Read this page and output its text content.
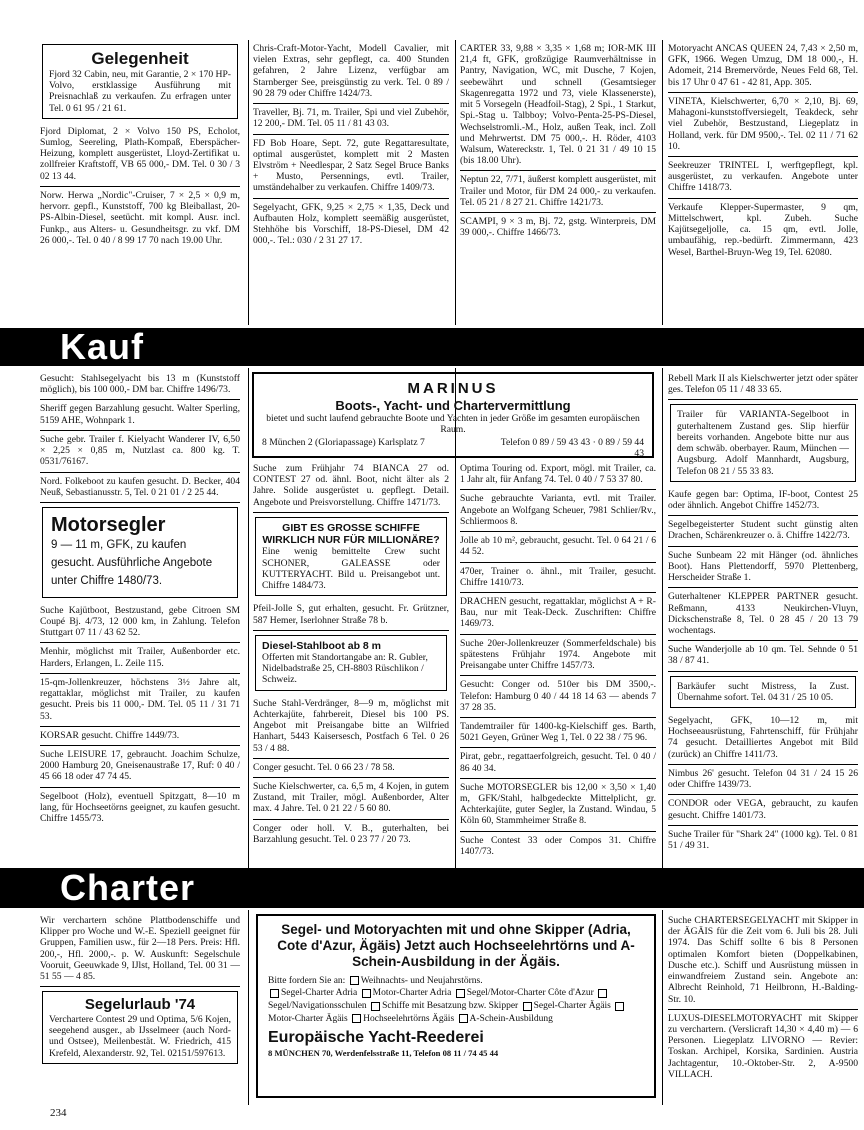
Gelegenheit
Fjord 32 Cabin, neu, mit Garantie, 2 × 170 HP-Volvo, erstklassige Ausführung mit Preisnachlaß zu verkaufen. Zu erfragen unter Tel. 0 61 95 / 21 61.
Fjord Diplomat, 2 × Volvo 150 PS, Echolot, Sumlog, Seereling, Plath-Kompaß, Eberspächer-Heizung, komplett ausgerüstet, Lloyd-Zertifikat u. zollfreier Kraftstoff, VB 65 000,- DM. Tel. 0 30 / 3 02 13 44.
Norw. Herwa „Nordic"-Cruiser, 7 × 2,5 × 0,9 m, hervorr. gepfl., Kunststoff, 700 kg Bleiballast, 20-PS-Albin-Diesel, seetücht. mit kompl. Ausr. incl. Funkp., aus Alters- u. Gesundheitsgr. zu vkf. DM 26 000,-. Tel. 0 40 / 8 99 17 70 nach 19.00 Uhr.
Chris-Craft-Motor-Yacht, Modell Cavalier, mit vielen Extras, sehr gepflegt, ca. 400 Stunden gefahren, 2 Jahre Lizenz, verfügbar am Starnberger See, preisgünstig zu verk. Tel. 0 89 / 90 28 79 oder Chiffre 1424/73.
Traveller, Bj. 71, m. Trailer, Spi und viel Zubehör, 12 200,- DM. Tel. 05 11 / 81 43 03.
FD Bob Hoare, Sept. 72, gute Regattaresultate, optimal ausgerüstet, komplett mit 2 Masten Elvström + Needlespar, 2 Satz Segel Bruce Banks + Musto, Persennings, evtl. Trailer, umständehalber zu verkaufen. Chiffre 1409/73.
Segelyacht, GFK, 9,25 × 2,75 × 1,35, Deck und Aufbauten Holz, komplett seemäßig ausgerüstet, Stehhöhe bis Vorschiff, 18-PS-Diesel, DM 42 000,-. Tel.: 030 / 2 31 27 17.
CARTER 33, 9,88 × 3,35 × 1,68 m; IOR-MK III 21,4 ft, GFK, großzügige Raumverhältnisse in Pantry, Navigation, WC, mit Dusche, 7 Kojen, seebewährt und schnell (Gesamtsieger Skagenregatta 1972 und 73, viele Klassenerste), mit 5 Vorsegeln (Headfoil-Stag), 2 Spi., 1 Starkut, Spi.-Stag u. Talbboy; Volvo-Penta-25-PS-Diesel, Wechselstromli.-M., Holz, außen Teak, incl. Zoll und Mehrwertst. DM 75 000,-. H. Röder, 4103 Walsum, Watereckstr. 1, Tel. 0 21 31 / 49 10 15 (bis 18.00 Uhr).
Neptun 22, 7/71, äußerst komplett ausgerüstet, mit Trailer und Motor, für DM 24 000,- zu verkaufen. Tel. 05 21 / 8 27 21. Chiffre 1421/73.
SCAMPI, 9 × 3 m, Bj. 72, gstg. Winterpreis, DM 39 000,-. Chiffre 1466/73.
Motoryacht ANCAS QUEEN 24, 7,43 × 2,50 m, GFK, 1966. Wegen Umzug, DM 18 000,-, H. Adomeit, 214 Bremervörde, Neues Feld 68, Tel. bis 17 Uhr 0 47 61 - 42 81, App. 305.
VINETA, Kielschwerter, 6,70 × 2,10, Bj. 69, Mahagoni-kunststoffversiegelt, Teakdeck, sehr viel Zubehör, Bestzustand, Liegeplatz in Holland, verk. für DM 9500,-. Tel. 02 11 / 71 62 10.
Seekreuzer TRINTEL I, werftgepflegt, kpl. ausgerüstet, zu verkaufen. Angebote unter Chiffre 1418/73.
Verkaufe Klepper-Supermaster, 9 qm, Mittelschwert, kpl. Zubeh. Suche Kajütsegeljolle, ca. 15 qm, evtl. Jolle, umbaufähig, rep.-bedürft. Zimmermann, 423 Wesel, Barthel-Bruyn-Weg 19, Tel. 62080.
Kauf
Gesucht: Stahlsegelyacht bis 13 m (Kunststoff möglich), bis 100 000,- DM bar. Chiffre 1496/73.
Sheriff gegen Barzahlung gesucht. Walter Sperling, 5159 AHE, Wohnpark 1.
Suche gebr. Trailer f. Kielyacht Wanderer IV, 6,50 × 2,25 × 0,85 m, Nutzlast ca. 800 kg. T. 0531/76167.
Nord. Folkeboot zu kaufen gesucht. D. Becker, 404 Neuß, Sebastianusstr. 5, Tel. 0 21 01 / 2 25 44.
Motorsegler
9 — 11 m, GFK, zu kaufen gesucht. Ausführliche Angebote unter Chiffre 1480/73.
Suche Kajütboot, Bestzustand, gebe Citroen SM Coupé Bj. 4/73, 12 000 km, in Zahlung. Telefon Stuttgart 07 11 / 43 62 52.
Menhir, möglichst mit Trailer, Außenborder etc. Harders, Erlangen, L. Zeile 115.
15-qm-Jollenkreuzer, höchstens 3½ Jahre alt, regattaklar, möglichst mit Trailer, zu kaufen gesucht. Preis bis 11 000,- DM. Tel. 05 11 / 31 71 53.
KORSAR gesucht. Chiffre 1449/73.
Suche LEISURE 17, gebraucht. Joachim Schulze, 2000 Hamburg 20, Gneisenaustraße 17, Ruf: 0 40 / 45 66 18 oder 47 74 45.
Segelboot (Holz), eventuell Spitzgatt, 8—10 m lang, für Hochseetörns geeignet, zu kaufen gesucht. Chiffre 1455/73.
MARINUS
Boots-, Yacht- und Chartervermittlung
bietet und sucht laufend gebrauchte Boote und Yachten in jeder Größe im gesamten europäischen Raum.
8 München 2 (Gloriapassage) Karlsplatz 7	Telefon 0 89 / 59 43 43 · 0 89 / 59 44 43
Suche zum Frühjahr 74 BIANCA 27 od. CONTEST 27 od. ähnl. Boot, nicht älter als 2 Jahre. Solide ausgerüstet u. gepflegt. Detail. Angebote und Preisvorstellung. Chiffre 1471/73.
GIBT ES GROSSE SCHIFFE WIRKLICH NUR FÜR MILLIONÄRE?
Eine wenig bemittelte Crew sucht SCHONER, GALEASSE oder KUTTERYACHT. Bild u. Preisangebot unt. Chiffre 1484/73.
Pfeil-Jolle S, gut erhalten, gesucht. Fr. Grützner, 587 Hemer, Iserlohner Straße 78 b.
Diesel-Stahlboot ab 8 m
Offerten mit Standortangabe an: R. Gubler, Nidelbadstraße 25, CH-8803 Rüschlikon / Schweiz.
Suche Stahl-Verdränger, 8—9 m, möglichst mit Achterkajüte, fahrbereit, Diesel bis 100 PS. Angebot mit Preisangabe bitte an Wilfried Hanhart, 5443 Kaisersesch, Postfach 6 Tel. 0 26 53 / 4 88.
Conger gesucht. Tel. 0 66 23 / 78 58.
Suche Kielschwerter, ca. 6,5 m, 4 Kojen, in gutem Zustand, mit Trailer, mögl. Außenborder, Alter max. 4 Jahre. Tel. 0 21 22 / 5 60 80.
Conger oder holl. V. B., guterhalten, bei Barzahlung gesucht. Tel. 0 23 77 / 20 73.
Optima Touring od. Export, mögl. mit Trailer, ca. 1 Jahr alt, für Anfang 74. Tel. 0 40 / 7 53 37 80.
Suche gebrauchte Varianta, evtl. mit Trailer. Angebote an Wolfgang Scheuer, 7981 Schlier/Rv., Schliermoos 8.
Jolle ab 10 m², gebraucht, gesucht. Tel. 0 64 21 / 6 44 52.
470er, Trainer o. ähnl., mit Trailer, gesucht. Chiffre 1410/73.
DRACHEN gesucht, regattaklar, möglichst A + R-Bau, nur mit Teak-Deck. Zuschriften: Chiffre 1469/73.
Suche 20er-Jollenkreuzer (Sommerfeldschale) bis spätestens Frühjahr 1974. Angebote mit Preisangabe unter Chiffre 1457/73.
Gesucht: Conger od. 510er bis DM 3500,-. Telefon: Hamburg 0 40 / 44 18 14 63 — abends 7 37 28 35.
Tandemtrailer für 1400-kg-Kielschiff ges. Barth, 5021 Geyen, Grüner Weg 1, Tel. 0 22 38 / 75 96.
Pirat, gebr., regattaerfolgreich, gesucht. Tel. 0 40 / 86 40 34.
Suche MOTORSEGLER bis 12,00 × 3,50 × 1,40 m, GFK/Stahl, halbgedeckte Mittelplicht, gr. Achterkajüte, guter Segler, la Zustand. Windau, 5 Köln 60, Stammheimer Straße 8.
Suche Contest 33 oder Compos 31. Chiffre 1407/73.
Rebell Mark II als Kielschwerter jetzt oder später ges. Telefon 05 11 / 48 33 65.
Trailer für VARIANTA-Segelboot in guterhaltenem Zustand ges. Slip hierfür bereits vorhanden. Angebote bitte nur aus dem schwäb. oberbayer. Raum, München — Augsburg. Adolf Mannhardt, Augsburg, Telefon 08 21 / 55 33 83.
Kaufe gegen bar: Optima, IF-boot, Contest 25 oder ähnlich. Angebot Chiffre 1452/73.
Segelbegeisterter Student sucht günstig alten Drachen, Schärenkreuzer o. ä. Chiffre 1422/73.
Suche Sunbeam 22 mit Hänger (od. ähnliches Boot). Hans Plettendorff, 5970 Plettenberg, Herscheider Straße 1.
Guterhaltener KLEPPER PARTNER gesucht. Reßmann, 4133 Neukirchen-Vluyn, Dickschenstraße 8, Tel. 0 28 45 / 20 13 79 wochentags.
Suche Wanderjolle ab 10 qm. Tel. Sehnde 0 51 38 / 87 41.
Barkäufer sucht Mistress, Ia Zust. Übernahme sofort. Tel. 04 31 / 25 10 05.
Segelyacht, GFK, 10—12 m, mit Hochseeausrüstung, Fahrtenschiff, für Frühjahr 74 gesucht. Detailliertes Angebot mit Bild (zurück) an Chiffre 1411/73.
Nimbus 26' gesucht. Telefon 04 31 / 24 15 26 oder Chiffre 1439/73.
CONDOR oder VEGA, gebraucht, zu kaufen gesucht. Chiffre 1401/73.
Suche Trailer für "Shark 24" (1000 kg). Tel. 0 81 51 / 49 31.
Charter
Wir verchartern schöne Plattbodenschiffe und Klipper pro Woche und W.-E. Speziell geeignet für Gruppen, Familien usw., für 2—18 Pers. Preis: Hfl. 200,-, Hfl. 2000,-. p. W. Auskunft: Segelschule Vooruit, Geeuwkade 9, IJlst, Holland, Tel. 00 31 — 51 55 — 4 85.
Segelurlaub '74
Verchartere Contest 29 und Optima, 5/6 Kojen, seegehend ausger., ab IJsselmeer (auch Nord- und Ostsee), Meilenbestät. W. Friedrich, 415 Krefeld, Alexanderstr. 92, Tel. 02151/597613.
Segel- und Motoryachten mit und ohne Skipper (Adria, Cote d'Azur, Ägäis) Jetzt auch Hochseelehrtörns und A-Schein-Ausbildung in der Ägäis.
Bitte fordern Sie an: Weihnachts- und Neujahrstörns.
Segel-Charter Adria Motor-Charter Adria Segel/Motor-Charter Côte d'Azur Segel/Navigationsschulen Schiffe mit Besatzung bzw. Skipper Segel-Charter Ägäis Motor-Charter Ägäis Hochseelehrtörns Ägäis A-Schein-Ausbildung
Europäische Yacht-Reederei
8 MÜNCHEN 70, Werdenfelsstraße 11, Telefon 08 11 / 74 45 44
Suche CHARTERSEGELYACHT mit Skipper in der ÄGÄIS für die Zeit vom 6. Juli bis 28. Juli 1974. Das Schiff sollte 6 bis 8 Personen optimalen Komfort bieten (Doppelkabinen, Dusche etc.). Schiff und Ausrüstung müssen in einwandfreiem Zustand sein. Angebote an: Albrecht Reinhold, 71 Heilbronn, H.-Balding-Str. 10.
LUXUS-DIESELMOTORYACHT mit Skipper zu verchartern. (Verslicraft 14,30 × 4,40 m) — 6 Personen. Liegeplatz LIVORNO — Revier: Toskan. Archipel, Korsika, Sardinien. Austria Jachtagentur, 10.-Oktober-Str. 2, A-9500 VILLACH.
234
